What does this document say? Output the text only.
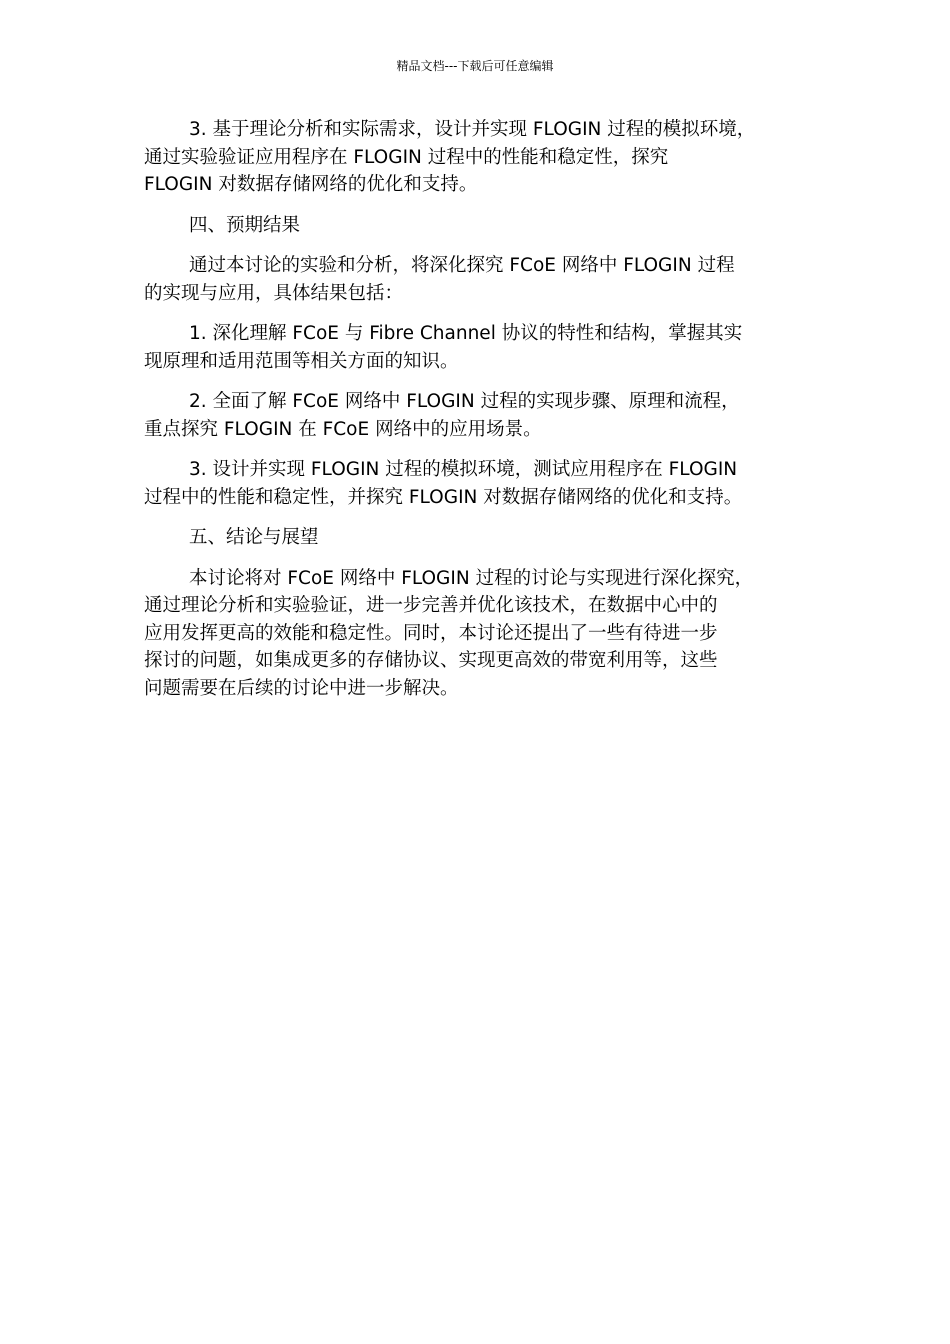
精品文档---下载后可任意编辑
3. 基于理论分析和实际需求，设计并实现 FLOGIN 过程的模拟环境，
通过实验验证应用程序在 FLOGIN 过程中的性能和稳定性，探究
FLOGIN 对数据存储网络的优化和支持。
四、预期结果
通过本讨论的实验和分析，将深化探究 FCoE 网络中 FLOGIN 过程
的实现与应用，具体结果包括：
1. 深化理解 FCoE 与 Fibre Channel 协议的特性和结构，掌握其实
现原理和适用范围等相关方面的知识。
2. 全面了解 FCoE 网络中 FLOGIN 过程的实现步骤、原理和流程，
重点探究 FLOGIN 在 FCoE 网络中的应用场景。
3. 设计并实现 FLOGIN 过程的模拟环境，测试应用程序在 FLOGIN
过程中的性能和稳定性，并探究 FLOGIN 对数据存储网络的优化和支持。
五、结论与展望
本讨论将对 FCoE 网络中 FLOGIN 过程的讨论与实现进行深化探究，
通过理论分析和实验验证，进一步完善并优化该技术，在数据中心中的
应用发挥更高的效能和稳定性。同时，本讨论还提出了一些有待进一步
探讨的问题，如集成更多的存储协议、实现更高效的带宽利用等，这些
问题需要在后续的讨论中进一步解决。
